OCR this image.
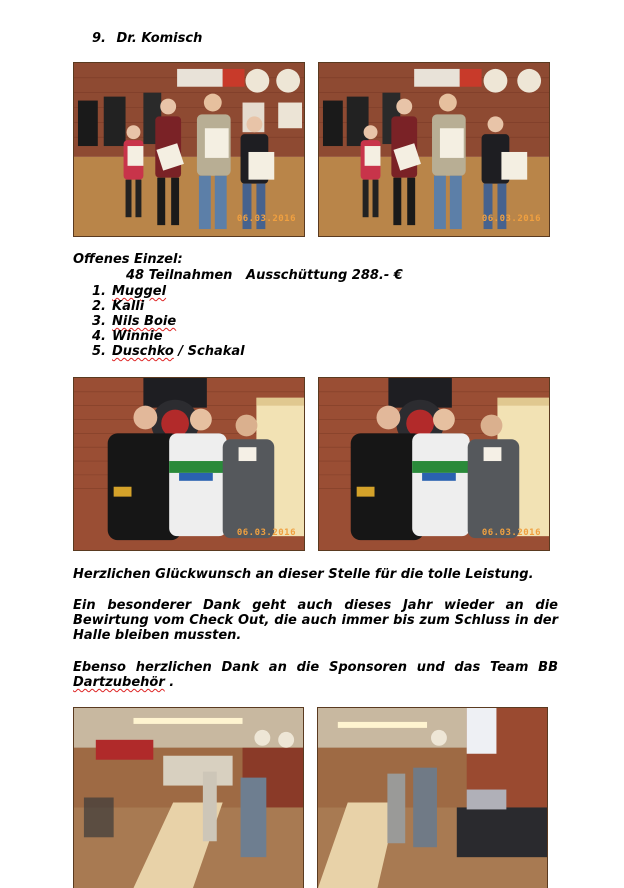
9. Dr. Komisch
06.03.2016	06.03.2016
Offenes Einzel:
48 Teilnahmen   Ausschüttung 288.- €
1. Muggel
2. Kalli
3. Nils Boie
4. Winnie
5. Duschko / Schakal
06.03.2016	06.03.2016
Herzlichen Glückwunsch an dieser Stelle für die tolle Leistung.
Ein besonderer Dank geht auch dieses Jahr wieder an die
Bewirtung vom Check Out, die auch immer bis zum Schluss in der
Halle bleiben mussten.
Ebenso herzlichen Dank an die Sponsoren und das Team BB
Dartzubehör .
